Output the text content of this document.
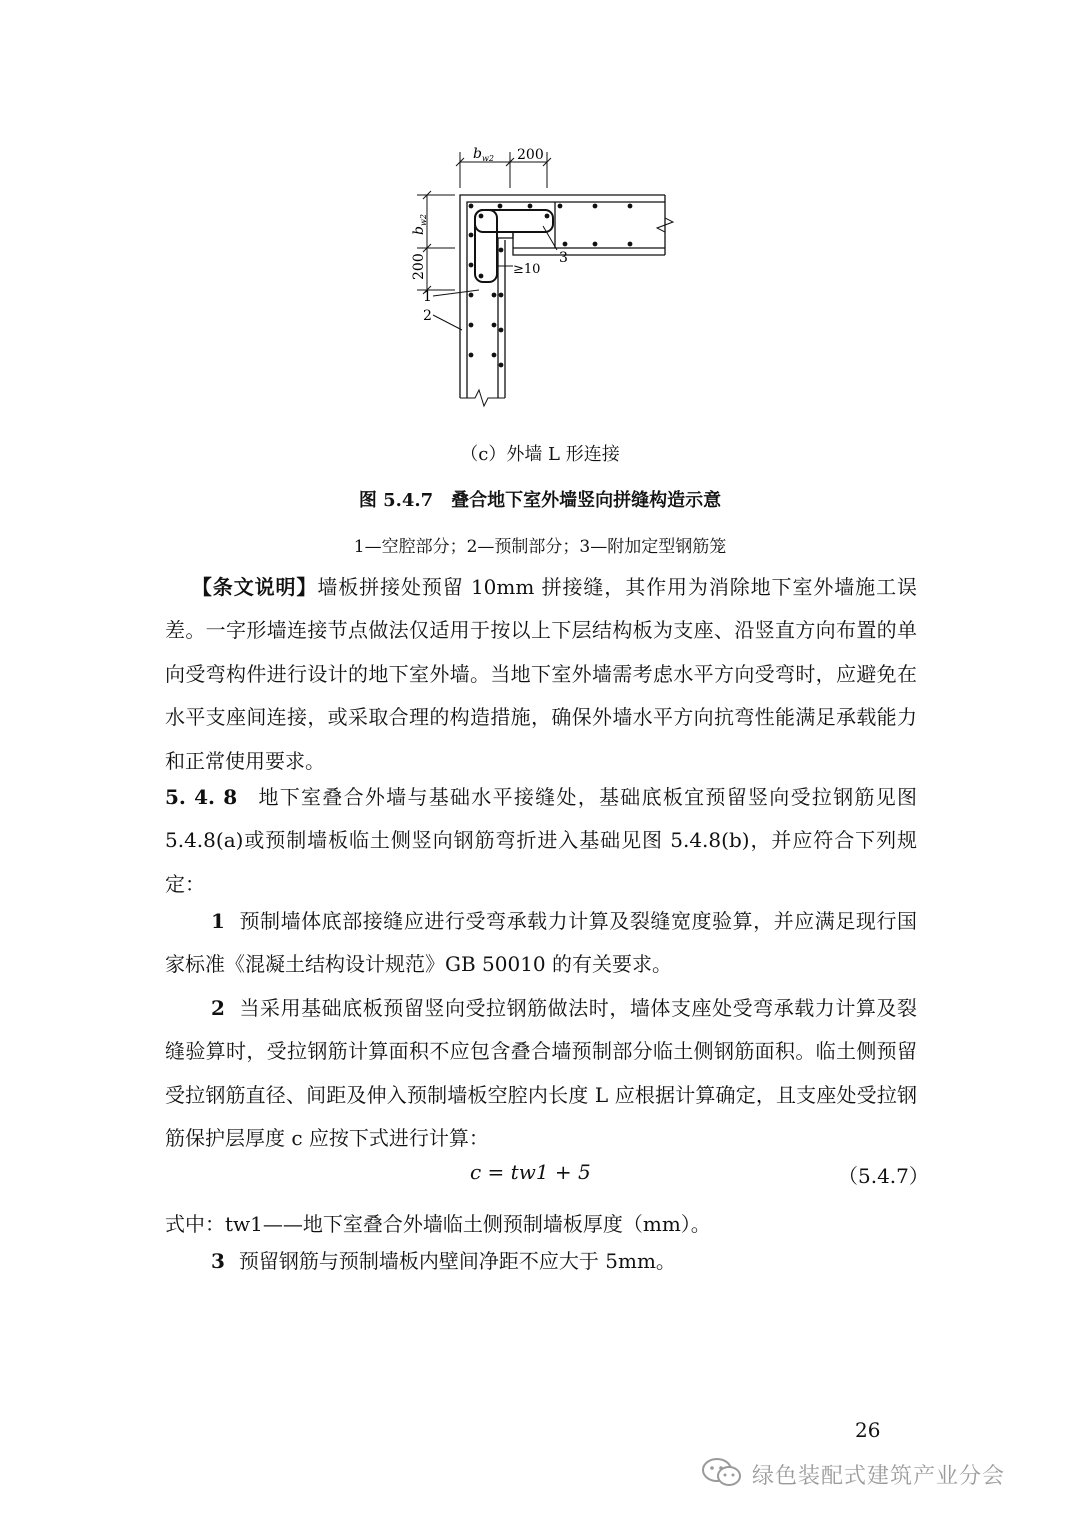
$b_{w2}$ 200
$b_{w2}$
200
1
2
3
≥10
（c）外墙 L 形连接
图 5.4.7　叠合地下室外墙竖向拼缝构造示意
1—空腔部分；2—预制部分；3—附加定型钢筋笼
【条文说明】墙板拼接处预留 10mm 拼接缝，其作用为消除地下室外墙施工误差。一字形墙连接节点做法仅适用于按以上下层结构板为支座、沿竖直方向布置的单向受弯构件进行设计的地下室外墙。当地下室外墙需考虑水平方向受弯时，应避免在水平支座间连接，或采取合理的构造措施，确保外墙水平方向抗弯性能满足承载能力和正常使用要求。
5. 4. 8 地下室叠合外墙与基础水平接缝处，基础底板宜预留竖向受拉钢筋见图 5.4.8(a)或预制墙板临土侧竖向钢筋弯折进入基础见图 5.4.8(b)，并应符合下列规定：
1 预制墙体底部接缝应进行受弯承载力计算及裂缝宽度验算，并应满足现行国家标准《混凝土结构设计规范》GB 50010 的有关要求。
2 当采用基础底板预留竖向受拉钢筋做法时，墙体支座处受弯承载力计算及裂缝验算时，受拉钢筋计算面积不应包含叠合墙预制部分临土侧钢筋面积。临土侧预留受拉钢筋直径、间距及伸入预制墙板空腔内长度 L 应根据计算确定，且支座处受拉钢筋保护层厚度 c 应按下式进行计算：
c = tw1 + 5	（5.4.7）
式中：tw1——地下室叠合外墙临土侧预制墙板厚度（mm）。
3 预留钢筋与预制墙板内壁间净距不应大于 5mm。
26
绿色装配式建筑产业分会
